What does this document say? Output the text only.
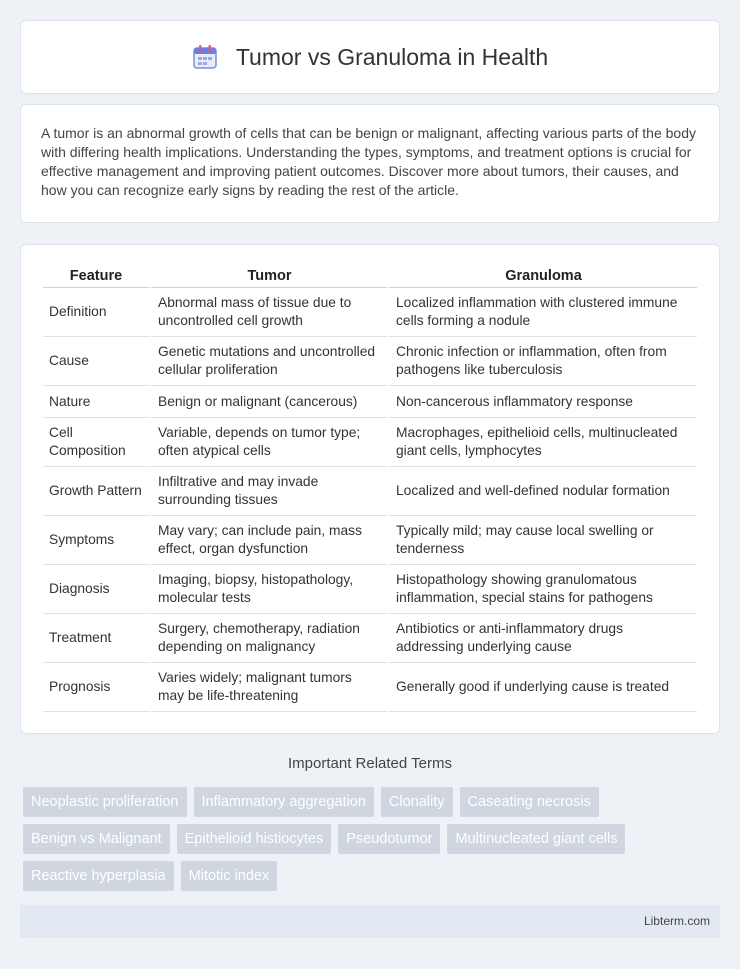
Tumor vs Granuloma in Health

A tumor is an abnormal growth of cells that can be benign or malignant, affecting various parts of the body with differing health implications. Understanding the types, symptoms, and treatment options is crucial for effective management and improving patient outcomes. Discover more about tumors, their causes, and how you can recognize early signs by reading the rest of the article.

Feature	Tumor	Granuloma
Definition	Abnormal mass of tissue due to uncontrolled cell growth	Localized inflammation with clustered immune cells forming a nodule
Cause	Genetic mutations and uncontrolled cellular proliferation	Chronic infection or inflammation, often from pathogens like tuberculosis
Nature	Benign or malignant (cancerous)	Non-cancerous inflammatory response
Cell Composition	Variable, depends on tumor type; often atypical cells	Macrophages, epithelioid cells, multinucleated giant cells, lymphocytes
Growth Pattern	Infiltrative and may invade surrounding tissues	Localized and well-defined nodular formation
Symptoms	May vary; can include pain, mass effect, organ dysfunction	Typically mild; may cause local swelling or tenderness
Diagnosis	Imaging, biopsy, histopathology, molecular tests	Histopathology showing granulomatous inflammation, special stains for pathogens
Treatment	Surgery, chemotherapy, radiation depending on malignancy	Antibiotics or anti-inflammatory drugs addressing underlying cause
Prognosis	Varies widely; malignant tumors may be life-threatening	Generally good if underlying cause is treated
Important Related Terms
Neoplastic proliferation	Inflammatory aggregation	Clonality	Caseating necrosis
Benign vs Malignant	Epithelioid histiocytes	Pseudotumor	Multinucleated giant cells
Reactive hyperplasia	Mitotic index
Libterm.com
